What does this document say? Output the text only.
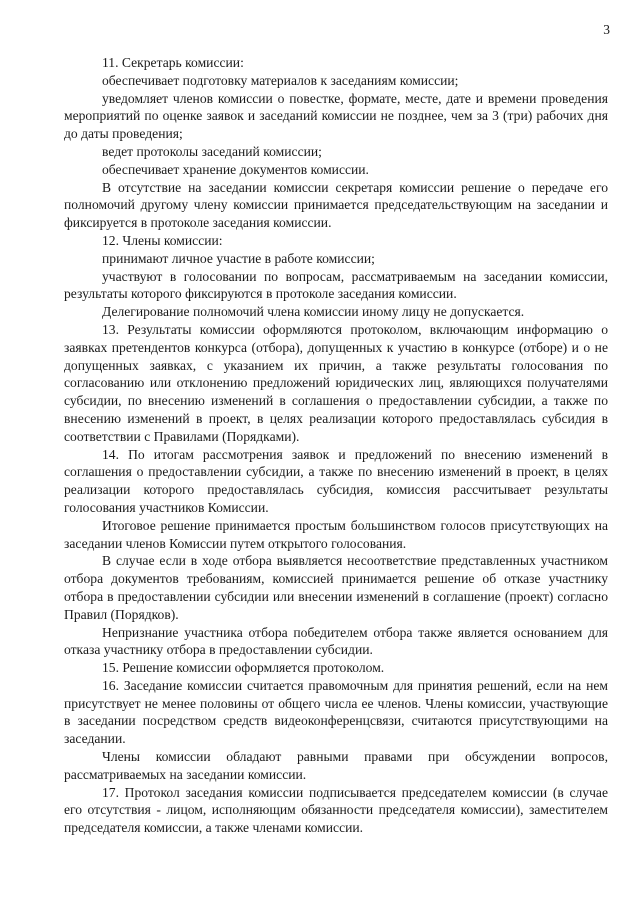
3

11. Секретарь комиссии:

обеспечивает подготовку материалов к заседаниям комиссии;

уведомляет членов комиссии о повестке, формате, месте, дате и времени проведения мероприятий по оценке заявок и заседаний комиссии не позднее, чем за 3 (три) рабочих дня до даты проведения;

ведет протоколы заседаний комиссии;

обеспечивает хранение документов комиссии.

В отсутствие на заседании комиссии секретаря комиссии решение о передаче его полномочий другому члену комиссии принимается председательствующим на заседании и фиксируется в протоколе заседания комиссии.

12. Члены комиссии:

принимают личное участие в работе комиссии;

участвуют в голосовании по вопросам, рассматриваемым на заседании комиссии, результаты которого фиксируются в протоколе заседания комиссии.

Делегирование полномочий члена комиссии иному лицу не допускается.

13. Результаты комиссии оформляются протоколом, включающим информацию о заявках претендентов конкурса (отбора), допущенных к участию в конкурсе (отборе) и о не допущенных заявках, с указанием их причин, а также результаты голосования по согласованию или отклонению предложений юридических лиц, являющихся получателями субсидии, по внесению изменений в соглашения о предоставлении субсидии, а также по внесению изменений в проект, в целях реализации которого предоставлялась субсидия в соответствии с Правилами (Порядками).

14. По итогам рассмотрения заявок и предложений по внесению изменений в соглашения о предоставлении субсидии, а также по внесению изменений в проект, в целях реализации которого предоставлялась субсидия, комиссия рассчитывает результаты голосования участников Комиссии.

Итоговое решение принимается простым большинством голосов присутствующих на заседании членов Комиссии путем открытого голосования.

В случае если в ходе отбора выявляется несоответствие представленных участником отбора документов требованиям, комиссией принимается решение об отказе участнику отбора в предоставлении субсидии или внесении изменений в соглашение (проект) согласно Правил (Порядков).

Непризнание участника отбора победителем отбора также является основанием для отказа участнику отбора в предоставлении субсидии.

15. Решение комиссии оформляется протоколом.

16. Заседание комиссии считается правомочным для принятия решений, если на нем присутствует не менее половины от общего числа ее членов. Члены комиссии, участвующие в заседании посредством средств видеоконференцсвязи, считаются присутствующими на заседании.

Члены комиссии обладают равными правами при обсуждении вопросов, рассматриваемых на заседании комиссии.

17. Протокол заседания комиссии подписывается председателем комиссии (в случае его отсутствия - лицом, исполняющим обязанности председателя комиссии), заместителем председателя комиссии, а также членами комиссии.
